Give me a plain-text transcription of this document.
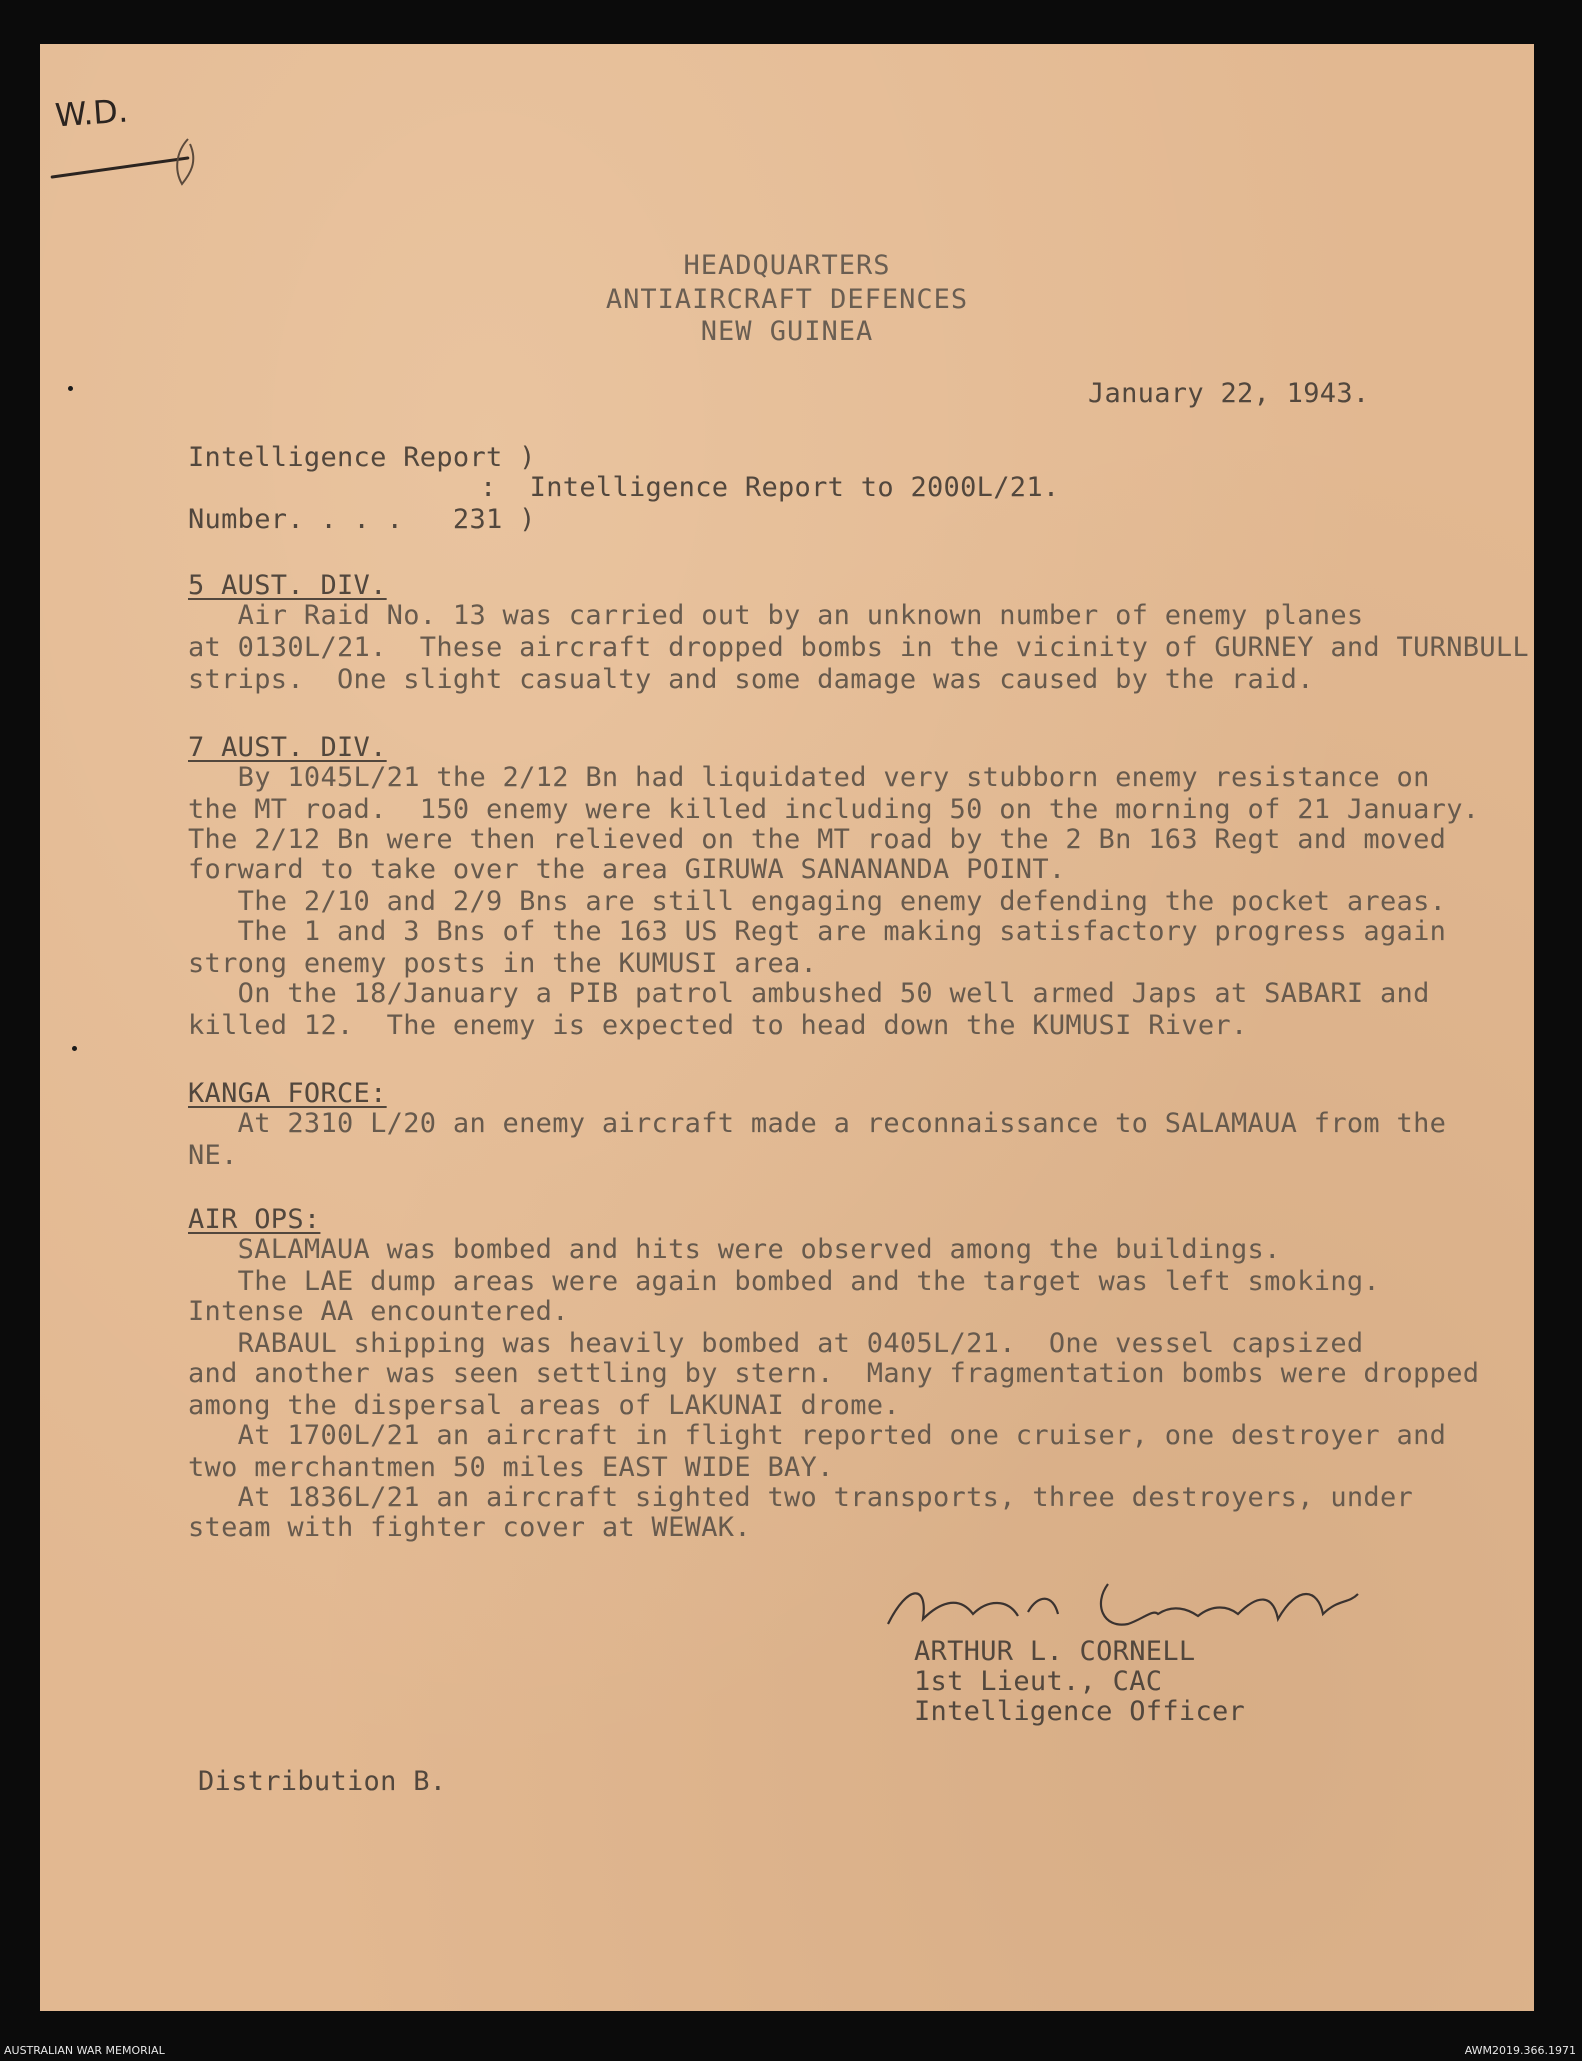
W.D.
HEADQUARTERS
ANTIAIRCRAFT DEFENCES
NEW GUINEA
January 22, 1943.
Intelligence Report )
:  Intelligence Report to 2000L/21.
Number. . . .   231 )
5 AUST. DIV.
Air Raid No. 13 was carried out by an unknown number of enemy planes
at 0130L/21.  These aircraft dropped bombs in the vicinity of GURNEY and TURNBULL
strips.  One slight casualty and some damage was caused by the raid.
7 AUST. DIV.
By 1045L/21 the 2/12 Bn had liquidated very stubborn enemy resistance on
the MT road.  150 enemy were killed including 50 on the morning of 21 January.
The 2/12 Bn were then relieved on the MT road by the 2 Bn 163 Regt and moved
forward to take over the area GIRUWA SANANANDA POINT.
The 2/10 and 2/9 Bns are still engaging enemy defending the pocket areas.
The 1 and 3 Bns of the 163 US Regt are making satisfactory progress again
strong enemy posts in the KUMUSI area.
On the 18/January a PIB patrol ambushed 50 well armed Japs at SABARI and
killed 12.  The enemy is expected to head down the KUMUSI River.
KANGA FORCE:
At 2310 L/20 an enemy aircraft made a reconnaissance to SALAMAUA from the
NE.
AIR OPS:
SALAMAUA was bombed and hits were observed among the buildings.
The LAE dump areas were again bombed and the target was left smoking.
Intense AA encountered.
RABAUL shipping was heavily bombed at 0405L/21.  One vessel capsized
and another was seen settling by stern.  Many fragmentation bombs were dropped
among the dispersal areas of LAKUNAI drome.
At 1700L/21 an aircraft in flight reported one cruiser, one destroyer and
two merchantmen 50 miles EAST WIDE BAY.
At 1836L/21 an aircraft sighted two transports, three destroyers, under
steam with fighter cover at WEWAK.
ARTHUR L. CORNELL
1st Lieut., CAC
Intelligence Officer
Distribution B.
AUSTRALIAN WAR MEMORIAL	AWM2019.366.1971
